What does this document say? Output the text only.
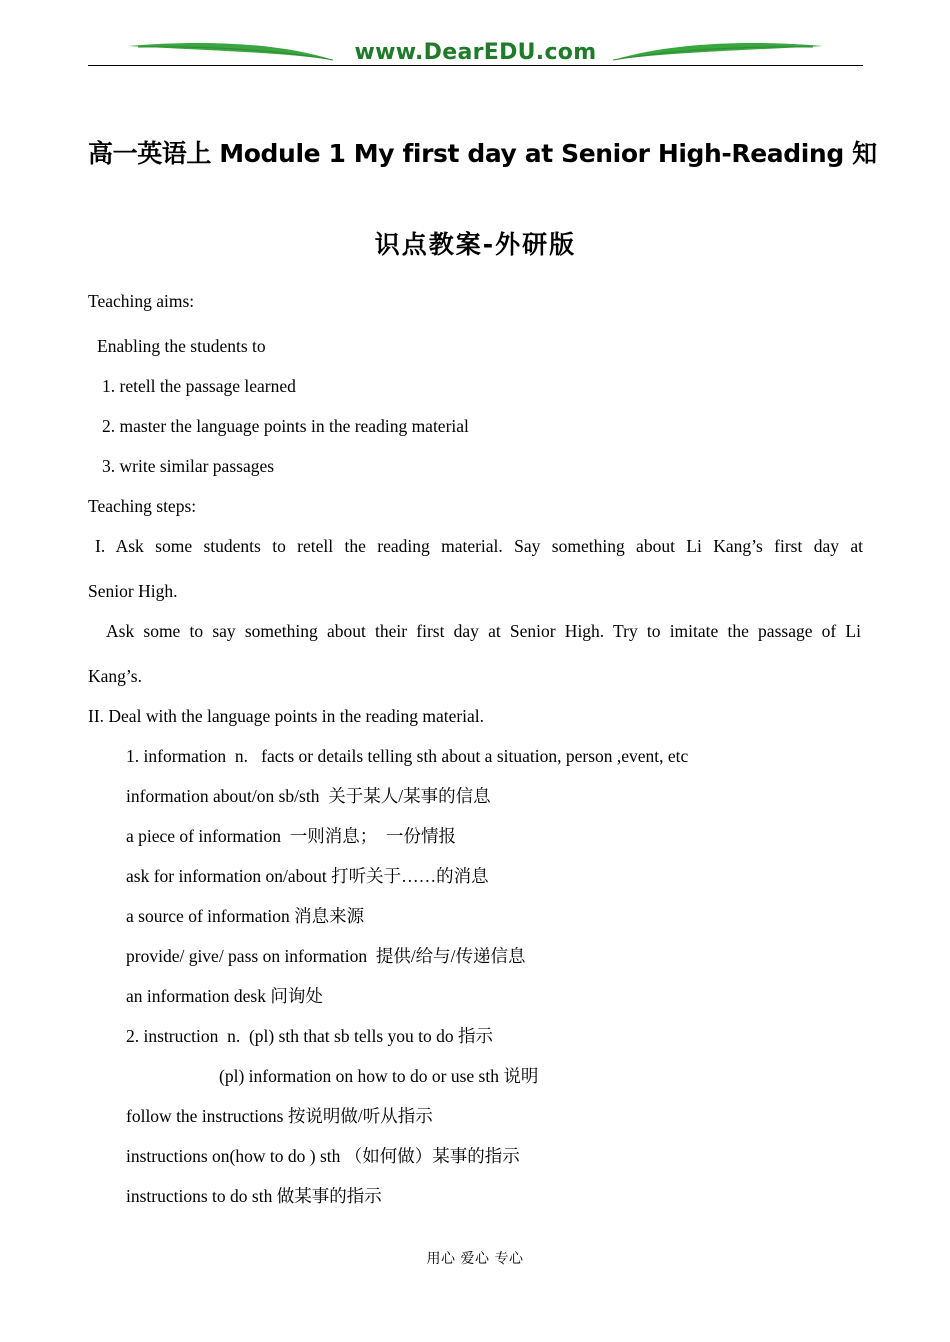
www.DearEDU.com
高一英语上 Module 1 My first day at Senior High-Reading 知
识点教案-外研版
Teaching aims:
Enabling the students to
1. retell the passage learned
2. master the language points in the reading material
3. write similar passages
Teaching steps:
I. Ask some students to retell the reading material. Say something about Li Kang’s first day at
Senior High.
Ask some to say something about their first day at Senior High. Try to imitate the passage of Li
Kang’s.
II. Deal with the language points in the reading material.
1. information  n.   facts or details telling sth about a situation, person ,event, etc
information about/on sb/sth  关于某人/某事的信息
a piece of information  一则消息；  一份情报
ask for information on/about 打听关于……的消息
a source of information 消息来源
provide/ give/ pass on information  提供/给与/传递信息
an information desk 问询处
2. instruction  n.  (pl) sth that sb tells you to do 指示
(pl) information on how to do or use sth 说明
follow the instructions 按说明做/听从指示
instructions on(how to do ) sth （如何做）某事的指示
instructions to do sth 做某事的指示
用心 爱心 专心
